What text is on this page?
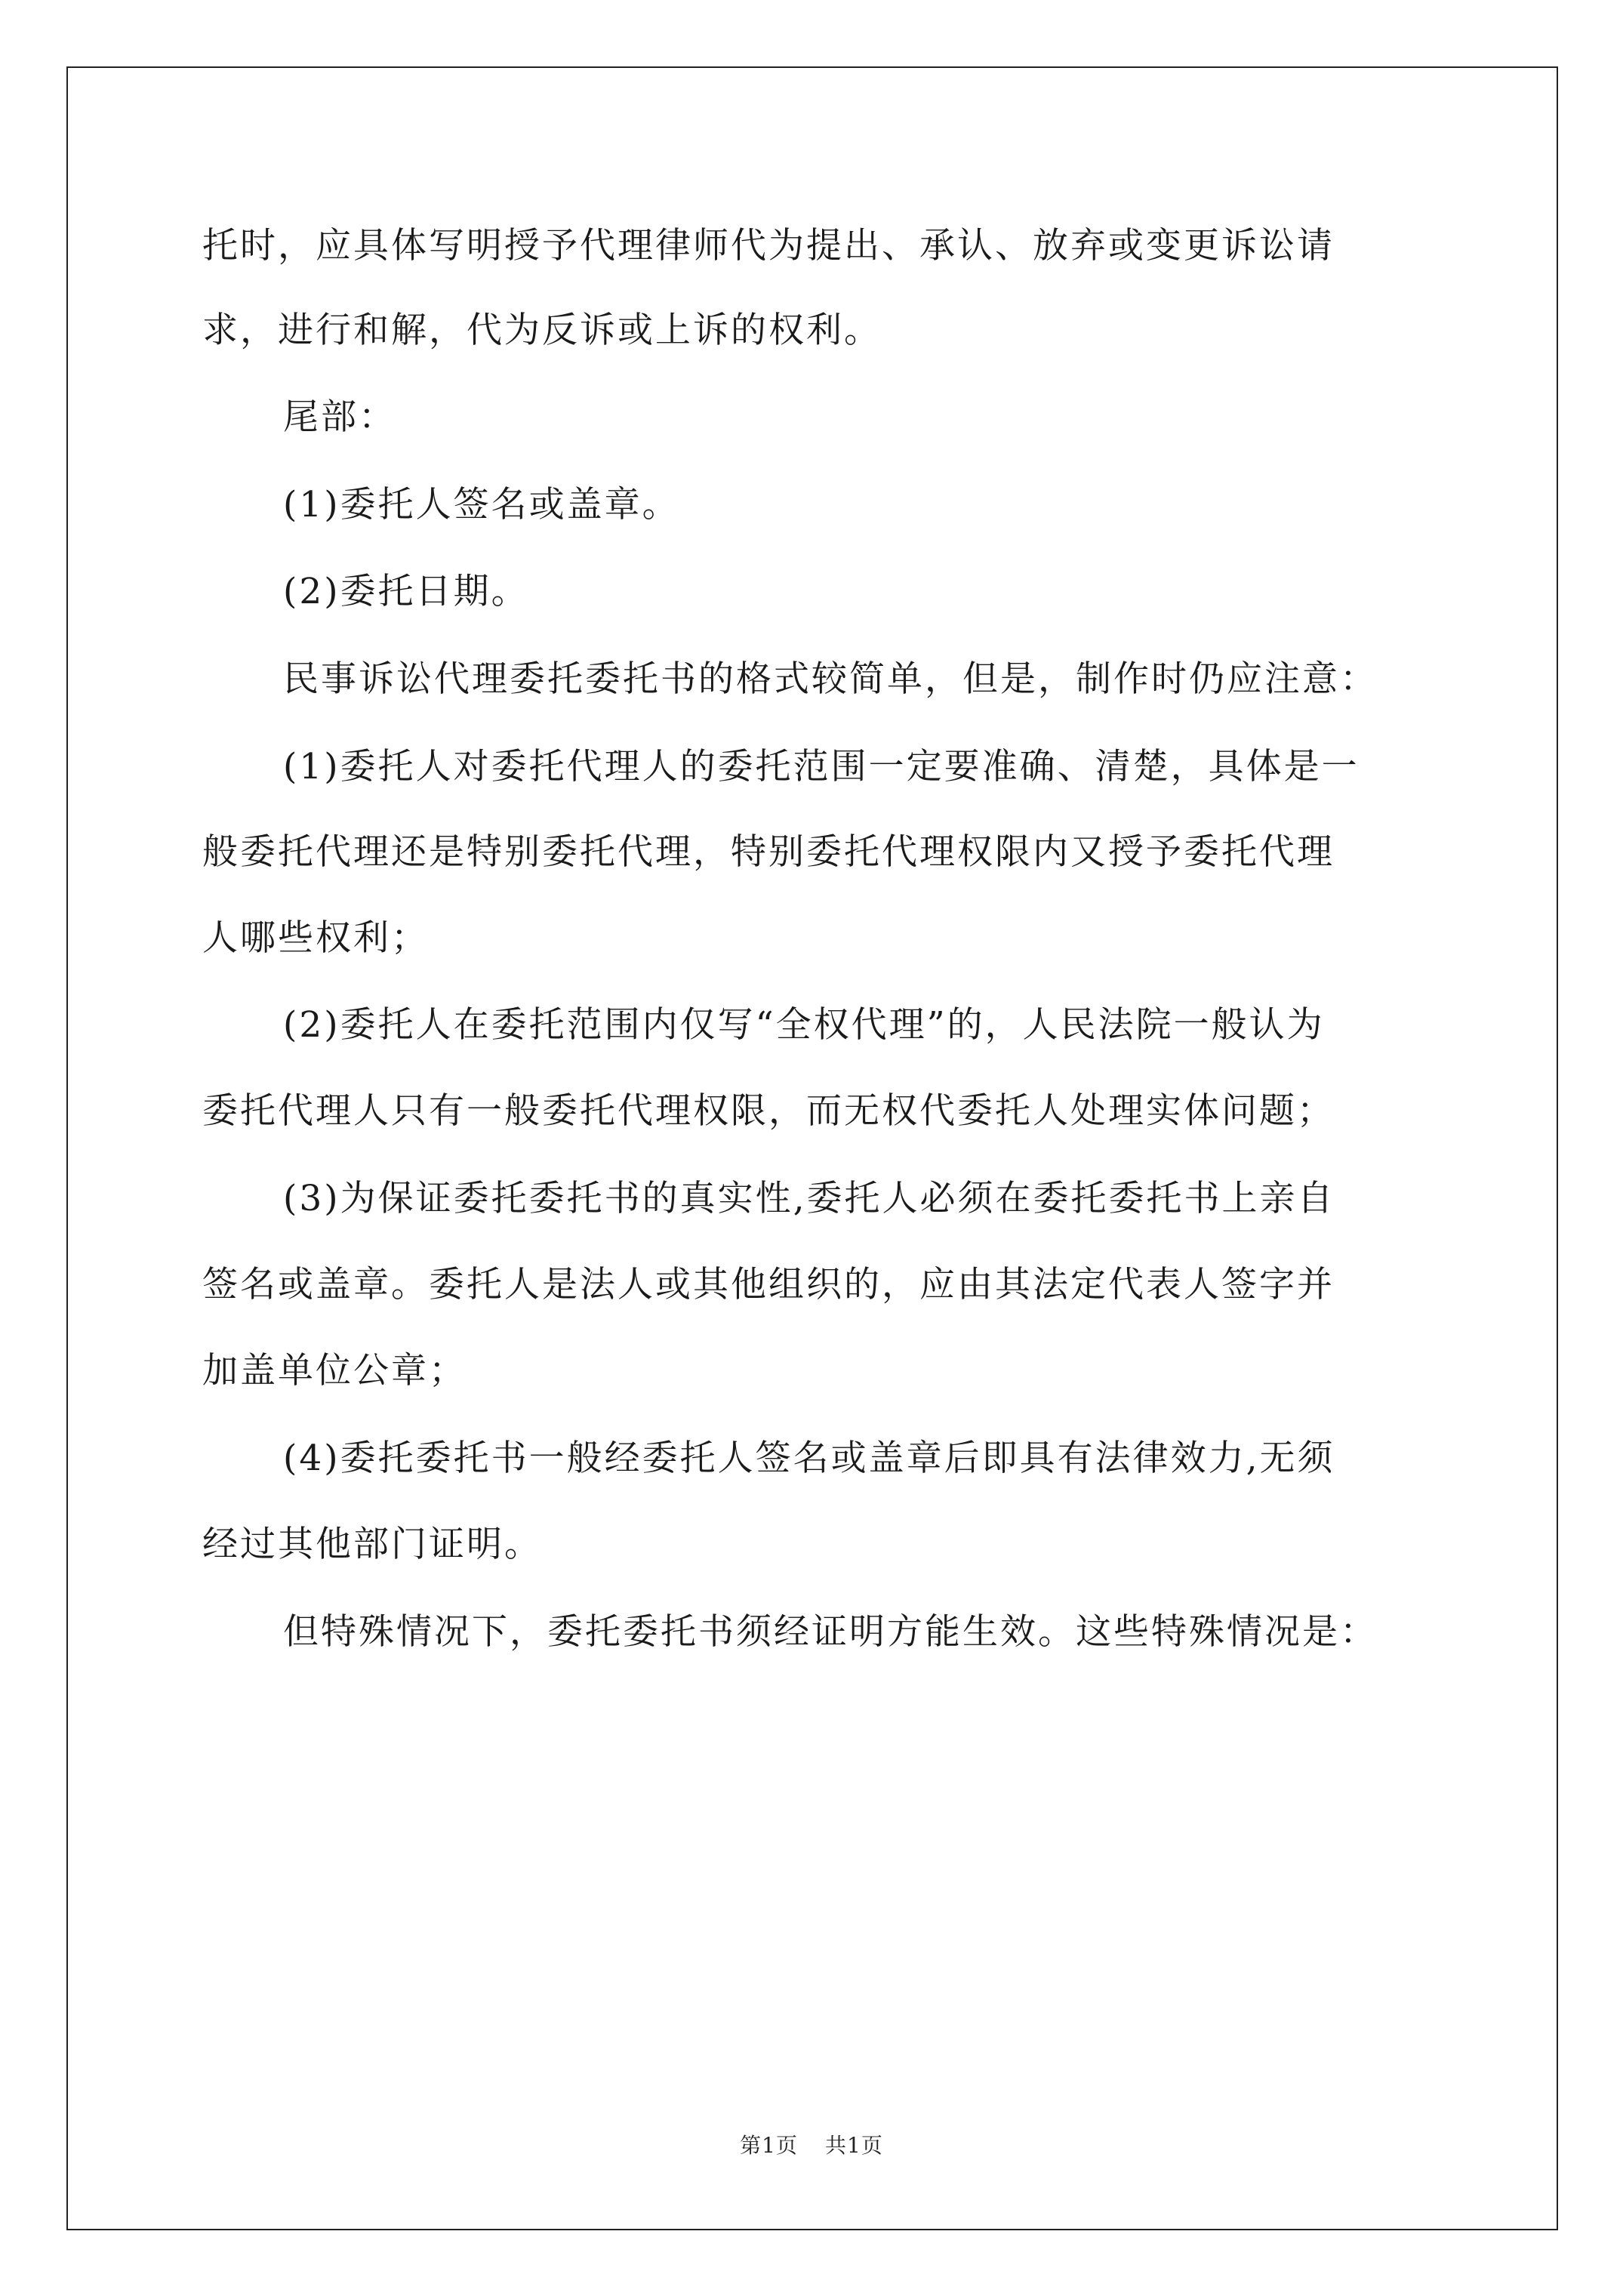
托时，应具体写明授予代理律师代为提出、承认、放弃或变更诉讼请
求，进行和解，代为反诉或上诉的权利。
尾部：
(1)委托人签名或盖章。
(2)委托日期。
民事诉讼代理委托委托书的格式较简单，但是，制作时仍应注意：
(1)委托人对委托代理人的委托范围一定要准确、清楚，具体是一
般委托代理还是特别委托代理，特别委托代理权限内又授予委托代理
人哪些权利；
(2)委托人在委托范围内仅写“全权代理”的，人民法院一般认为
委托代理人只有一般委托代理权限，而无权代委托人处理实体问题；
(3)为保证委托委托书的真实性,委托人必须在委托委托书上亲自
签名或盖章。委托人是法人或其他组织的，应由其法定代表人签字并
加盖单位公章；
(4)委托委托书一般经委托人签名或盖章后即具有法律效力,无须
经过其他部门证明。
但特殊情况下，委托委托书须经证明方能生效。这些特殊情况是：
第1页 共1页
